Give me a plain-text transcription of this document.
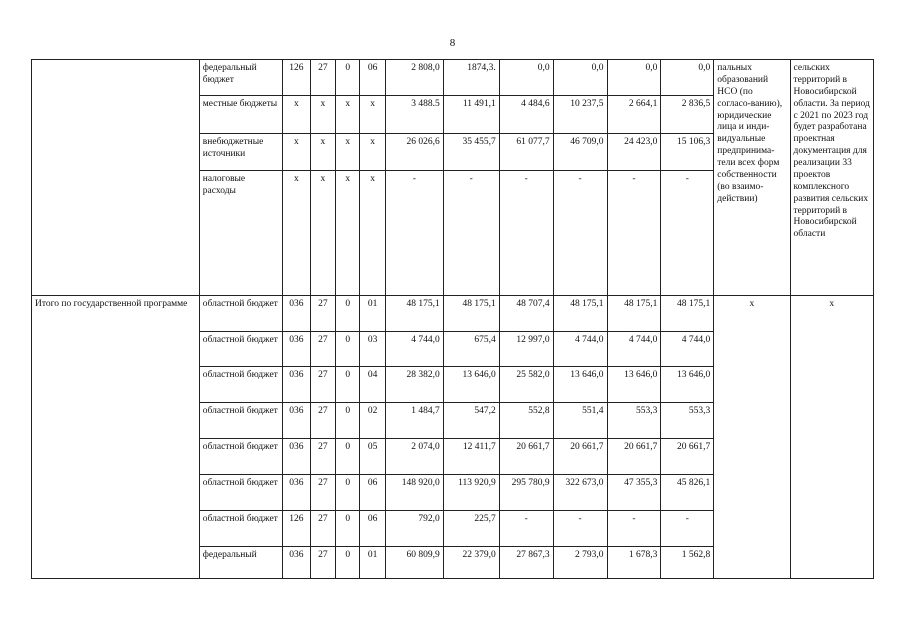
8
	федеральный бюджет	126	27	0	06	2 808,0	1874,3.	0,0	0,0	0,0	0,0	пальных образований НСО (по согласо-ванию), юридические лица и инди-видуальные предпринима-тели всех форм собственности (во взаимо-действии)	сельских территорий в Новосибирской области. За период с 2021 по 2023 год будет разработана проектная документация для реализации 33 проектов комплексного развития сельских территорий в Новосибирской области
	местные бюджеты	x	x	x	x	3 488.5	11 491,1	4 484,6	10 237,5	2 664,1	2 836,5		
	внебюджетные источники	x	x	x	x	26 026,6	35 455,7	61 077,7	46 709,0	24 423,0	15 106,3		
	налоговые расходы	x	x	x	x	-	-	-	-	-	-		
Итого по государственной программе	областной бюджет	036	27	0	01	48 175,1	48 175,1	48 707,4	48 175,1	48 175,1	48 175,1	x	x
	областной бюджет	036	27	0	03	4 744,0	675,4	12 997,0	4 744,0	4 744,0	4 744,0		
	областной бюджет	036	27	0	04	28 382,0	13 646,0	25 582,0	13 646,0	13 646,0	13 646,0		
	областной бюджет	036	27	0	02	1 484,7	547,2	552,8	551,4	553,3	553,3		
	областной бюджет	036	27	0	05	2 074,0	12 411,7	20 661,7	20 661,7	20 661,7	20 661,7		
	областной бюджет	036	27	0	06	148 920,0	113 920,9	295 780,9	322 673,0	47 355,3	45 826,1		
	областной бюджет	126	27	0	06	792,0	225,7	-	-	-	-		
	федеральный	036	27	0	01	60 809,9	22 379,0	27 867,3	2 793,0	1 678,3	1 562,8		
